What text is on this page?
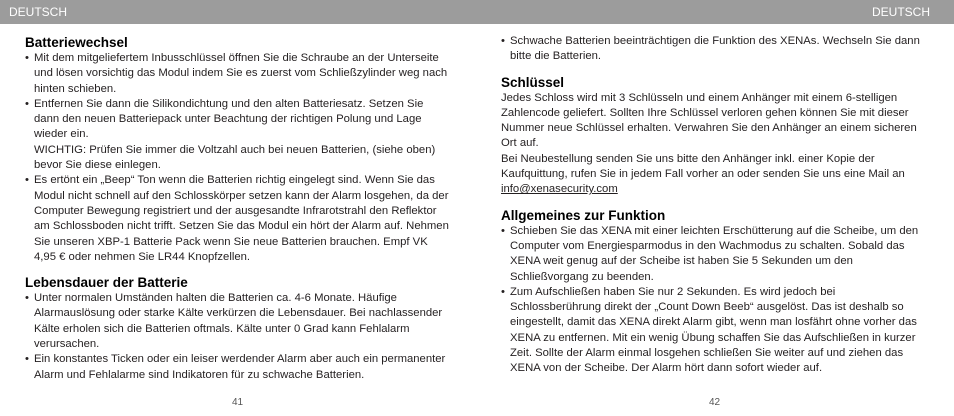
DEUTSCH	DEUTSCH
Batteriewechsel
• Mit dem mitgeliefertem Inbusschlüssel öffnen Sie die Schraube an der Unterseite und lösen vorsichtig das Modul indem Sie es zuerst vom Schließzylinder weg nach hinten schieben.
• Entfernen Sie dann die Silikondichtung und den alten Batteriesatz. Setzen Sie dann den neuen Batteriepack unter Beachtung der richtigen Polung und Lage wieder ein.
WICHTIG: Prüfen Sie immer die Voltzahl auch bei neuen Batterien, (siehe oben) bevor Sie diese einlegen.
• Es ertönt ein „Beep“ Ton wenn die Batterien richtig eingelegt sind. Wenn Sie das Modul nicht schnell auf den Schlosskörper setzen kann der Alarm losgehen, da der Computer Bewegung registriert und der ausgesandte Infrarotstrahl den Reflektor am Schlossboden nicht trifft. Setzen Sie das Modul ein hört der Alarm auf. Nehmen Sie unseren XBP-1 Batterie Pack wenn Sie neue Batterien brauchen. Empf VK 4,95 € oder nehmen Sie LR44 Knopfzellen.
Lebensdauer der Batterie
• Unter normalen Umständen halten die Batterien ca. 4-6 Monate. Häufige Alarmauslösung oder starke Kälte verkürzen die Lebensdauer. Bei nachlassender Kälte erholen sich die Batterien oftmals. Kälte unter 0 Grad kann Fehlalarm verursachen.
• Ein konstantes Ticken oder ein leiser werdender Alarm aber auch ein permanenter Alarm und Fehlalarme sind Indikatoren für zu schwache Batterien.
• Schwache Batterien beeinträchtigen die Funktion des XENAs. Wechseln Sie dann bitte die Batterien.
Schlüssel

Jedes Schloss wird mit 3 Schlüsseln und einem Anhänger mit einem 6-stelligen Zahlencode geliefert. Sollten Ihre Schlüssel verloren gehen können Sie mit dieser Nummer neue Schlüssel erhalten. Verwahren Sie den Anhänger an einem sicheren Ort auf.

Bei Neubestellung senden Sie uns bitte den Anhänger inkl. einer Kopie der Kaufquittung, rufen Sie in jedem Fall vorher an oder senden Sie uns eine Mail an info@xenasecurity.com

Allgemeines zur Funktion
• Schieben Sie das XENA mit einer leichten Erschütterung auf die Scheibe, um den Computer vom Energiesparmodus in den Wachmodus zu schalten. Sobald das XENA weit genug auf der Scheibe ist haben Sie 5 Sekunden um den Schließvorgang zu beenden.
• Zum Aufschließen haben Sie nur 2 Sekunden. Es wird jedoch bei Schlossberührung direkt der „Count Down Beeb“ ausgelöst. Das ist deshalb so eingestellt, damit das XENA direkt Alarm gibt, wenn man losfährt ohne vorher das XENA zu entfernen. Mit ein wenig Übung schaffen Sie das Aufschließen in kurzer Zeit. Sollte der Alarm einmal losgehen schließen Sie weiter auf und ziehen das XENA von der Scheibe. Der Alarm hört dann sofort wieder auf.
41	42
